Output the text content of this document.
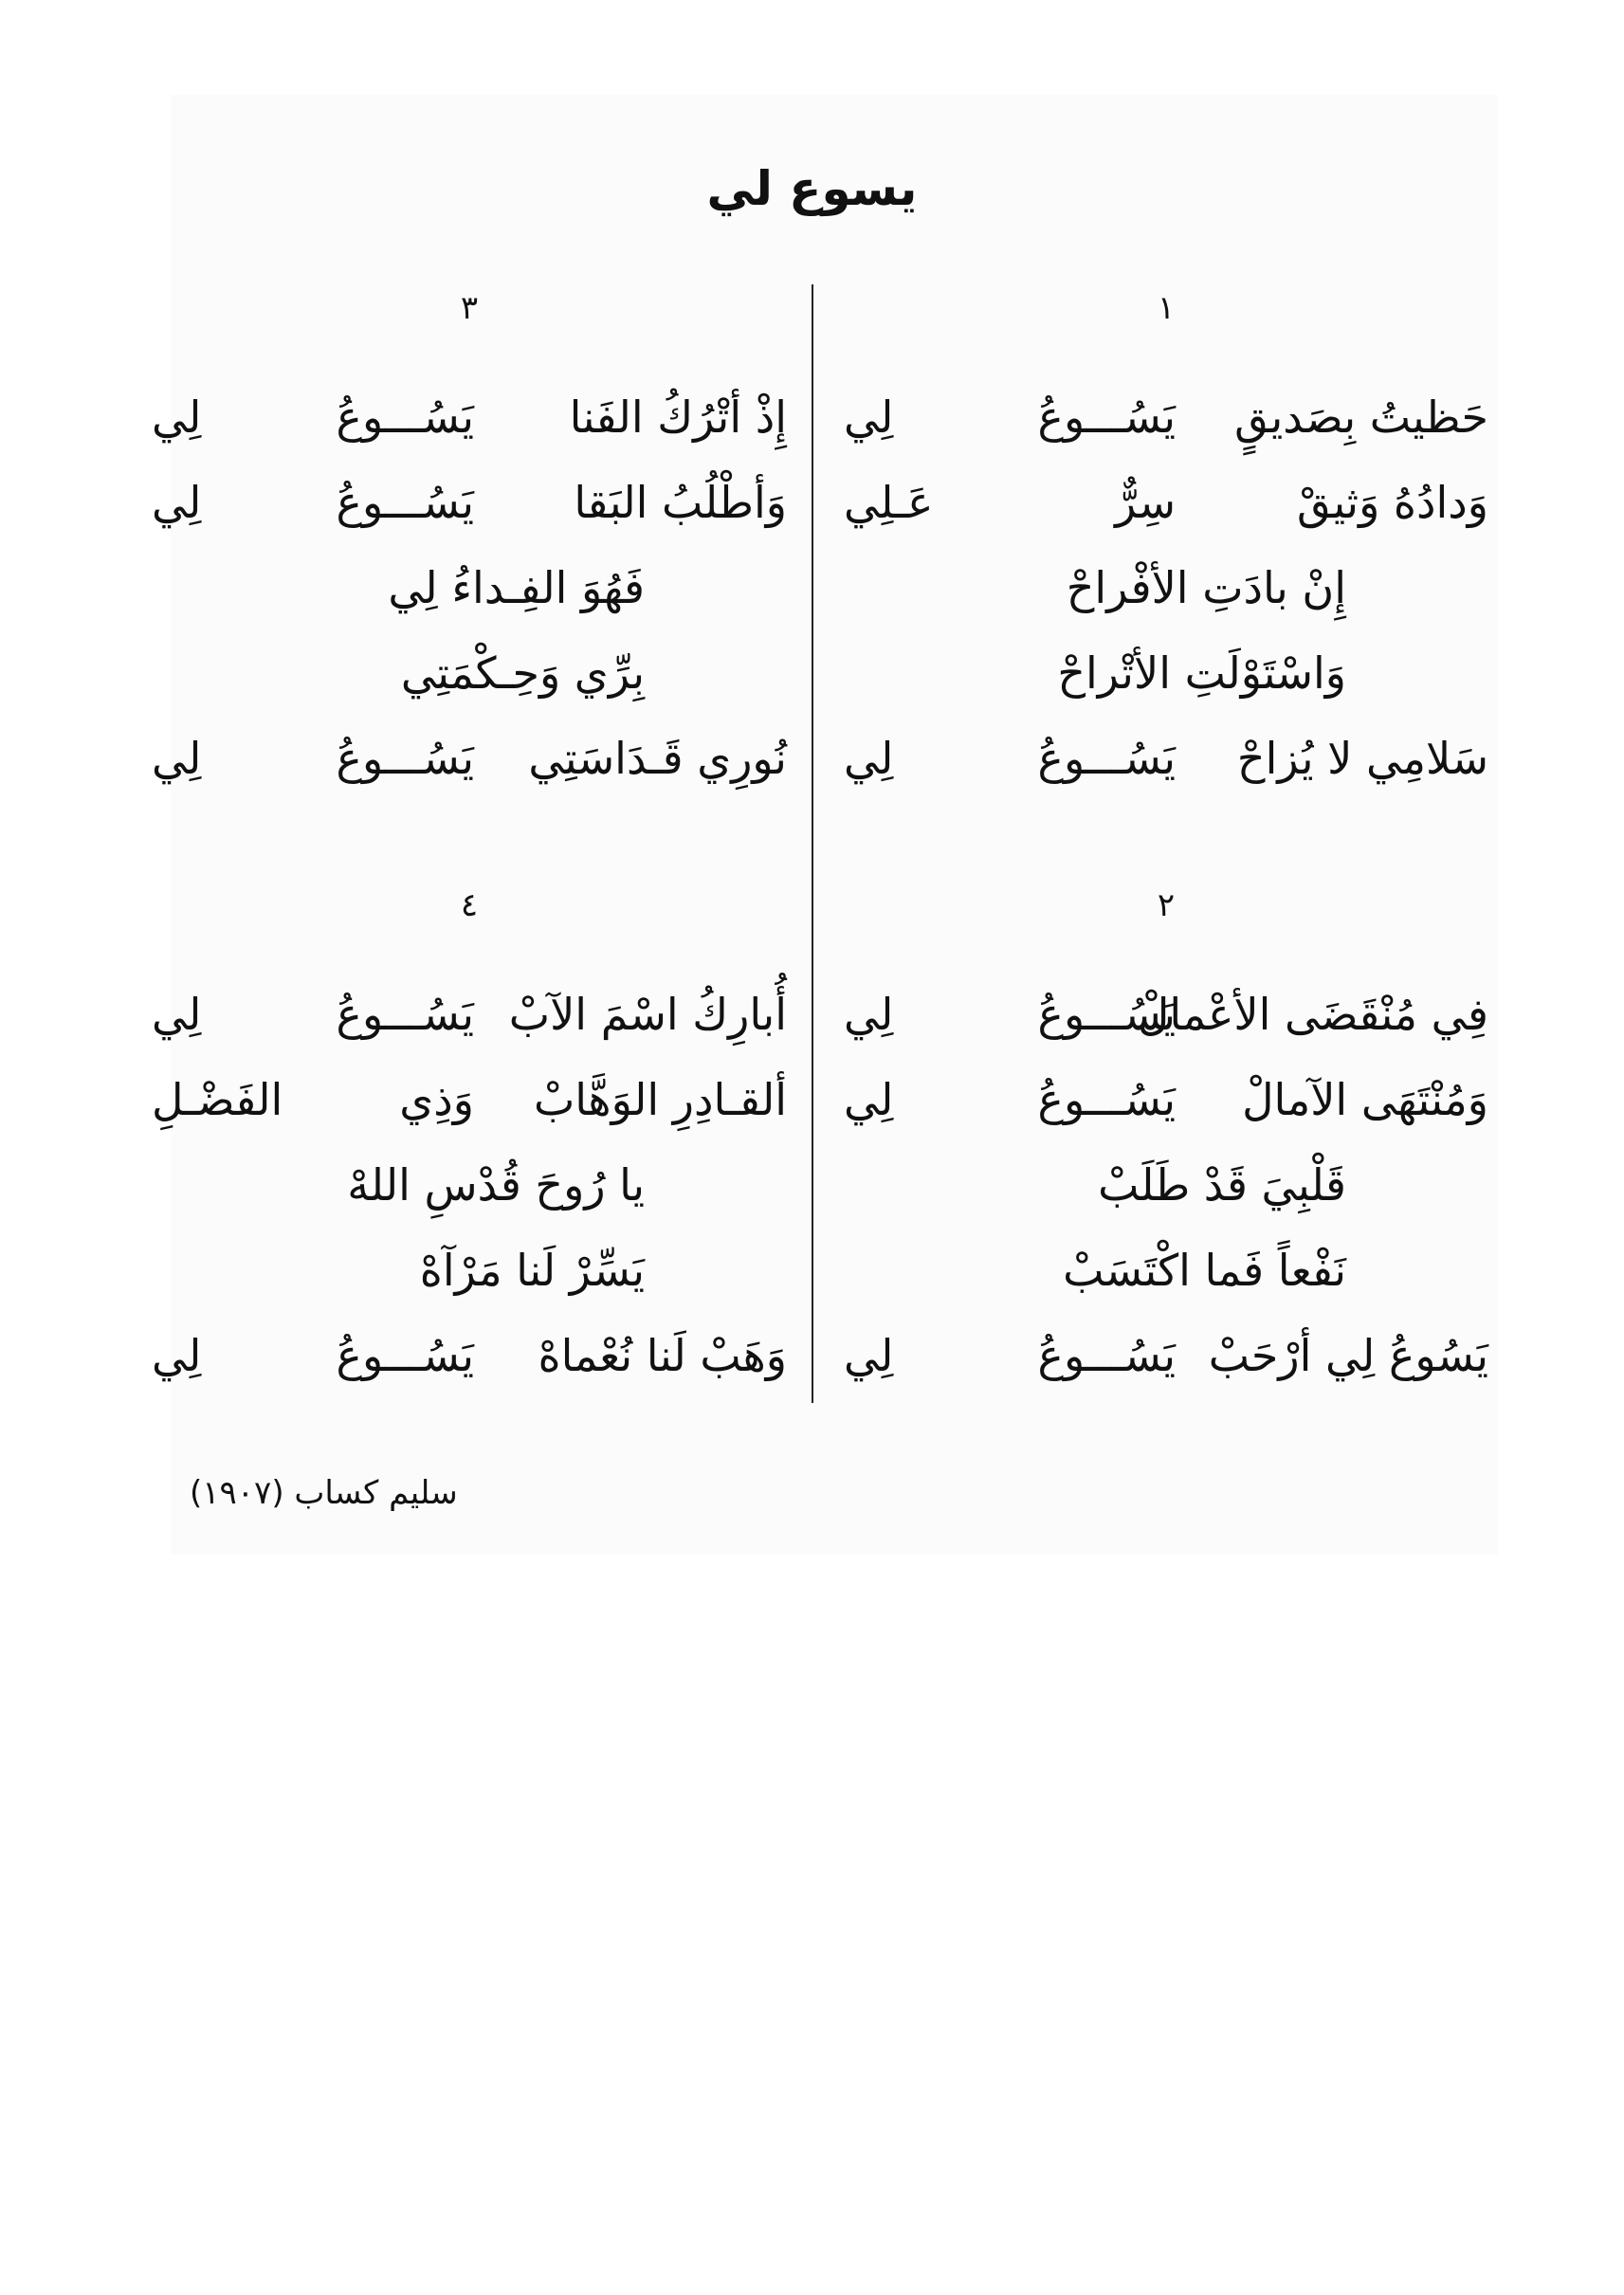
يسوع لي
١
حَظيتُ بِصَديقٍ
يَسُـــوعُ
لِي
وَدادُهُ وَثيقْ
سِرٌّ
عَـلِي
إِنْ بادَتِ الأفْراحْ
وَاسْتَوْلَتِ الأتْراحْ
سَلامِي لا يُزاحْ
يَسُـــوعُ
لِي
٢
فِي مُنْقَضَى الأعْمالْ
يَسُـــوعُ
لِي
وَمُنْتَهَى الآمالْ
يَسُـــوعُ
لِي
قَلْبِيَ قَدْ طَلَبْ
نَفْعاً فَما اكْتَسَبْ
يَسُوعُ لِي أرْحَبْ
يَسُـــوعُ
لِي
٣
إِذْ أتْرُكُ الفَنا
يَسُـــوعُ
لِي
وَأطْلُبُ البَقا
يَسُـــوعُ
لِي
فَهُوَ الفِـداءُ لِي
بِرِّي وَحِـكْمَتِي
نُورِي قَـدَاسَتِي
يَسُـــوعُ
لِي
٤
أُبارِكُ اسْمَ الآبْ
يَسُـــوعُ
لِي
ألقـادِرِ الوَهَّابْ
وَذِي
الفَضْـلِ
يا رُوحَ قُدْسِ اللهْ
يَسِّرْ لَنا مَرْآهْ
وَهَبْ لَنا نُعْماهْ
يَسُـــوعُ
لِي
سليم كساب (١٩٠٧)
